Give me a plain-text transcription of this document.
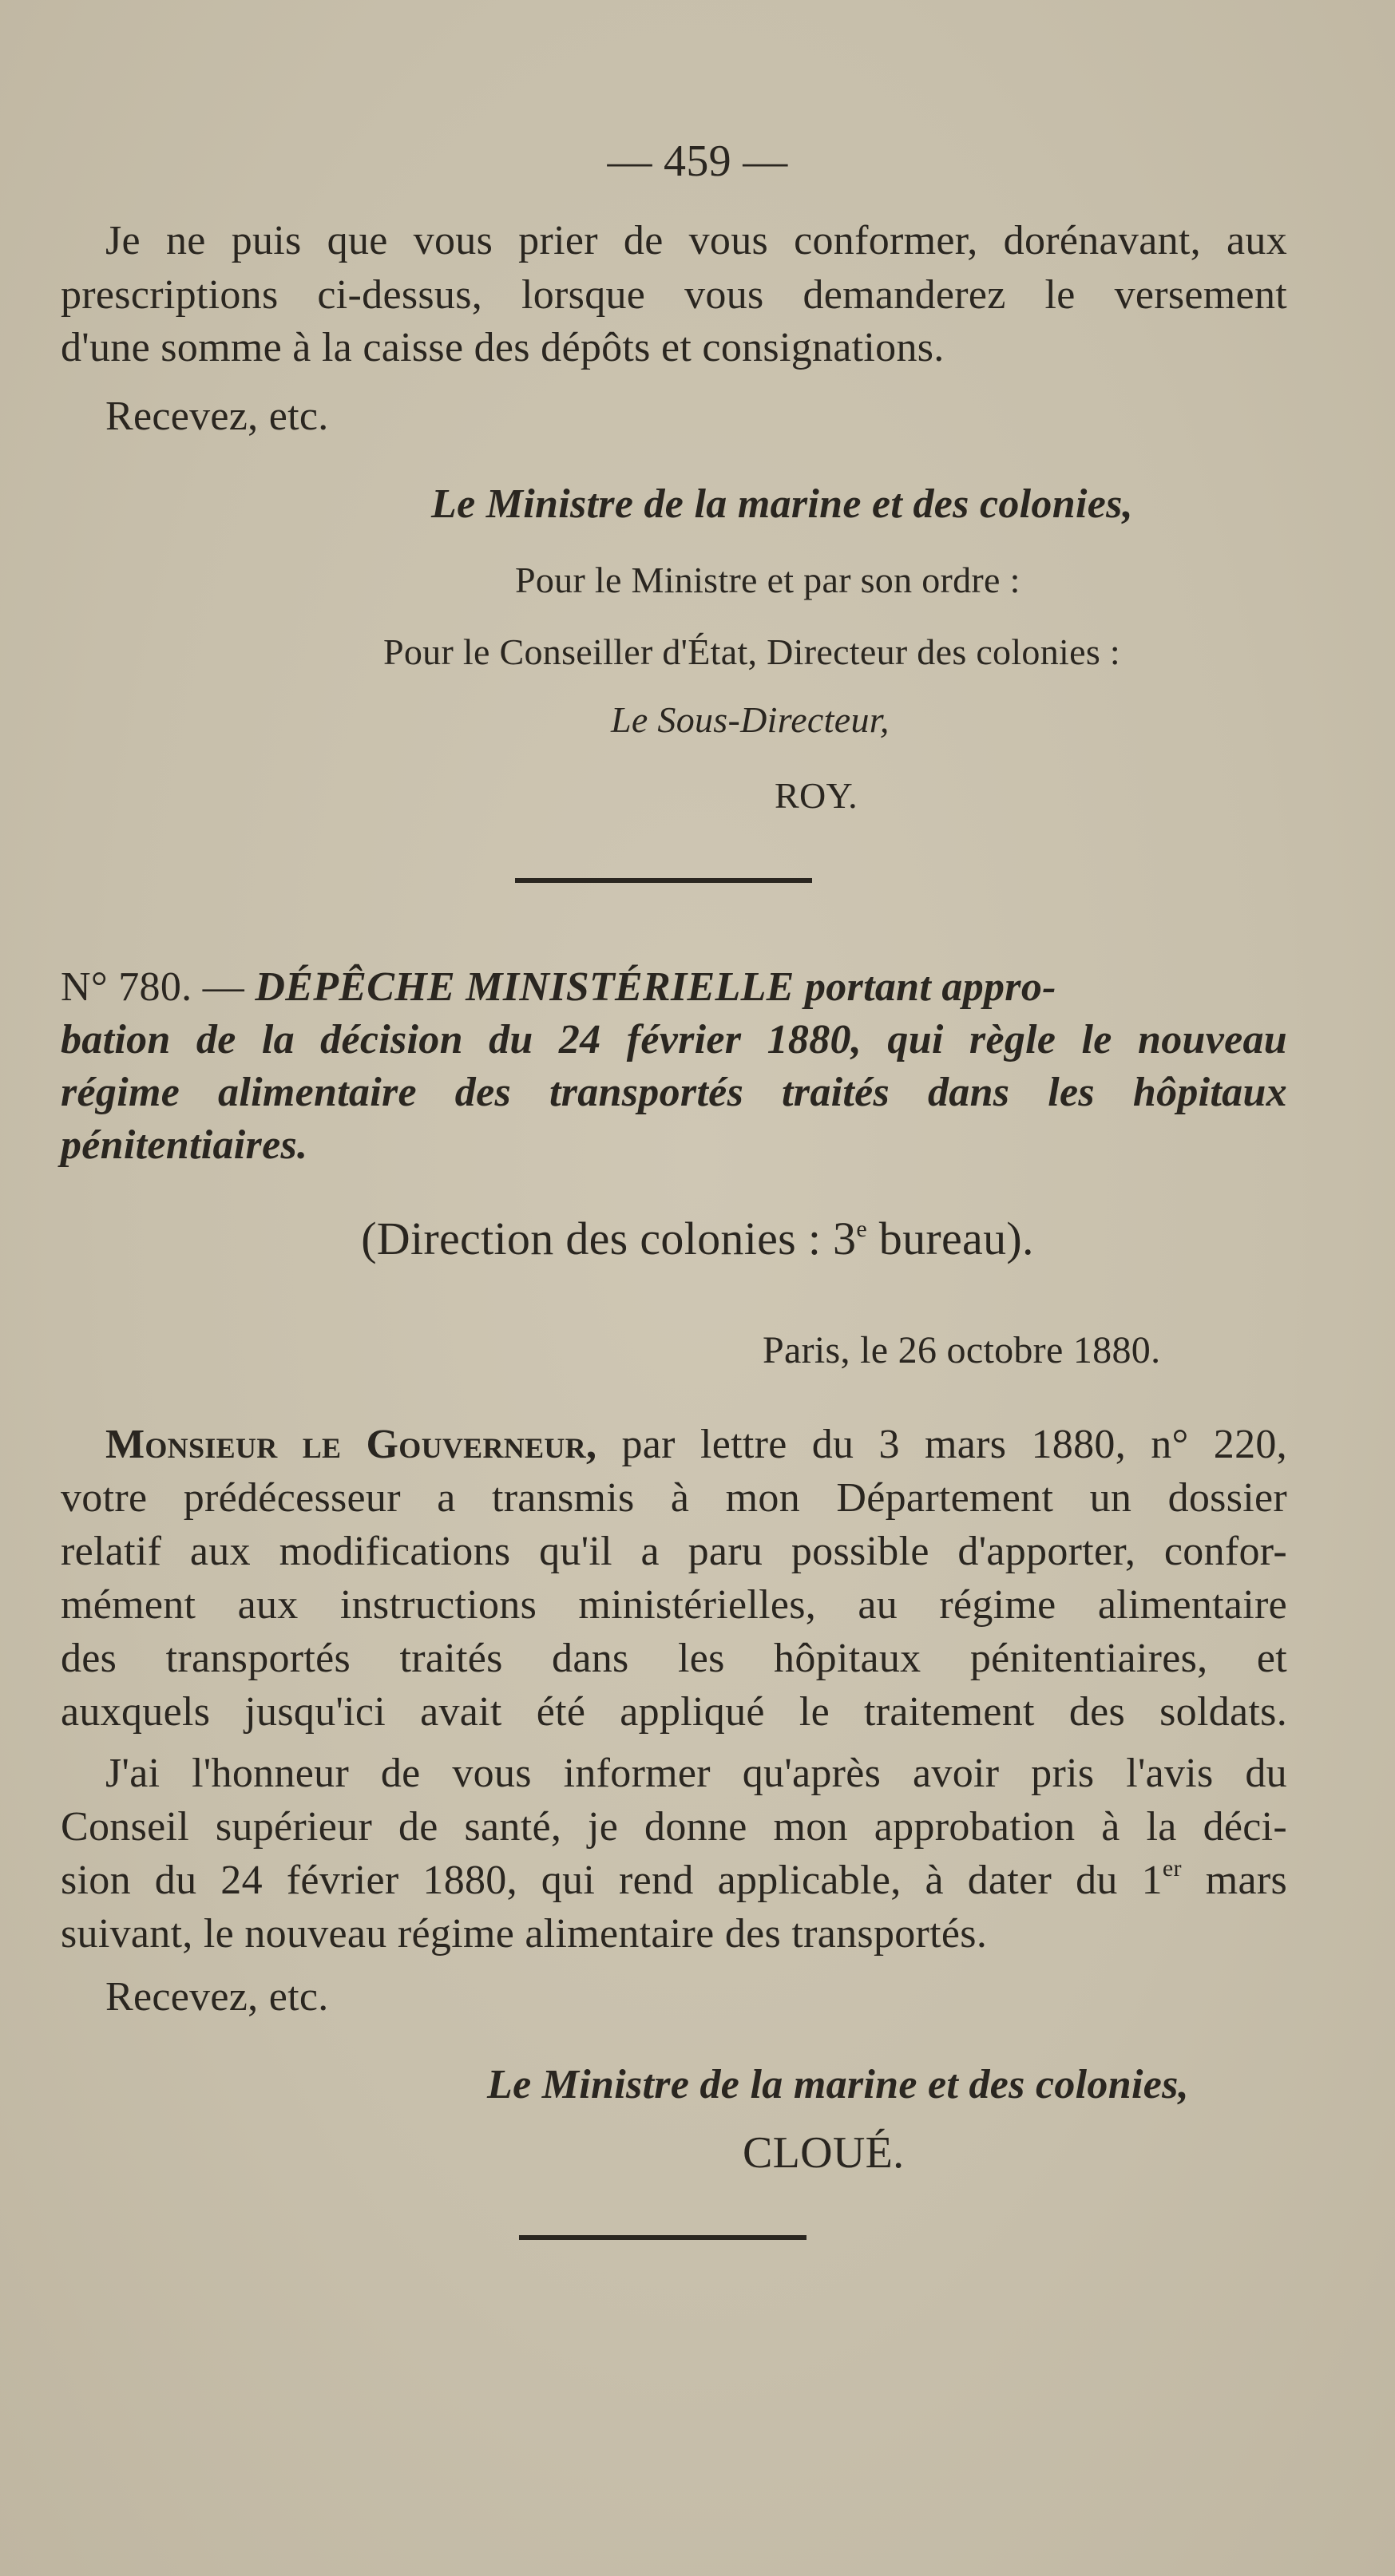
— 459 —
Je ne puis que vous prier de vous conformer, dorénavant, aux
prescriptions ci-dessus, lorsque vous demanderez le versement
d'une somme à la caisse des dépôts et consignations.
Recevez, etc.
Le Ministre de la marine et des colonies,
Pour le Ministre et par son ordre :
Pour le Conseiller d'État, Directeur des colonies :
Le Sous-Directeur,
ROY.
N° 780. — DÉPÊCHE MINISTÉRIELLE portant appro-
bation de la décision du 24 février 1880, qui règle le nouveau
régime alimentaire des transportés traités dans les hôpitaux
pénitentiaires.
(Direction des colonies : 3e bureau).
Paris, le 26 octobre 1880.
Monsieur le Gouverneur, par lettre du 3 mars 1880, n° 220,
votre prédécesseur a transmis à mon Département un dossier
relatif aux modifications qu'il a paru possible d'apporter, confor-
mément aux instructions ministérielles, au régime alimentaire
des transportés traités dans les hôpitaux pénitentiaires, et
auxquels jusqu'ici avait été appliqué le traitement des soldats.
J'ai l'honneur de vous informer qu'après avoir pris l'avis du
Conseil supérieur de santé, je donne mon approbation à la déci-
sion du 24 février 1880, qui rend applicable, à dater du 1er mars
suivant, le nouveau régime alimentaire des transportés.
Recevez, etc.
Le Ministre de la marine et des colonies,
CLOUÉ.
